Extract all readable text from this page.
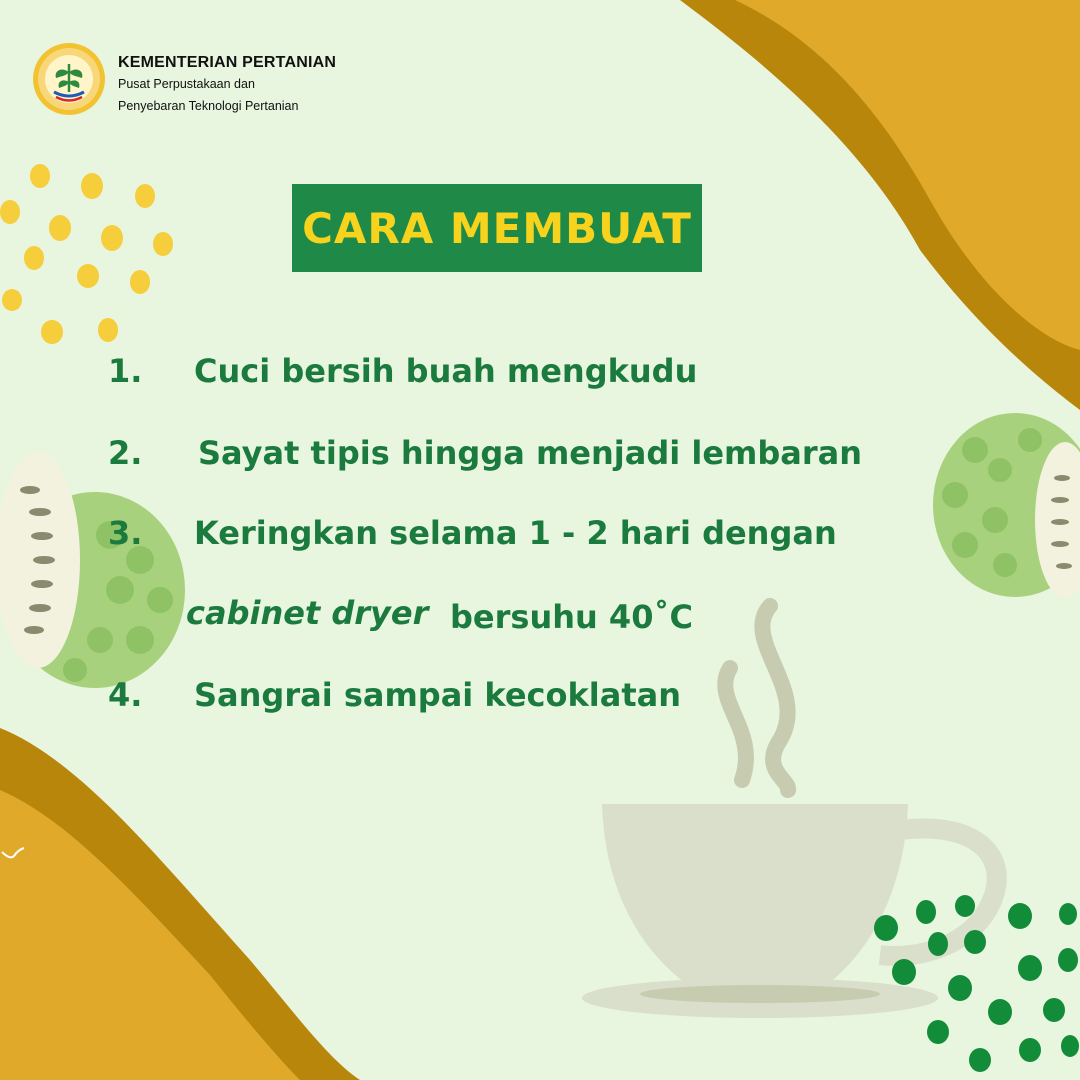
KEMENTERIAN PERTANIAN
Pusat Perpustakaan dan
Penyebaran Teknologi Pertanian
CARA MEMBUAT
1. Cuci bersih buah mengkudu
2. Sayat tipis hingga menjadi lembaran
3. Keringkan selama 1 - 2 hari dengan
cabinet dryer bersuhu 40˚C
4. Sangrai sampai kecoklatan
